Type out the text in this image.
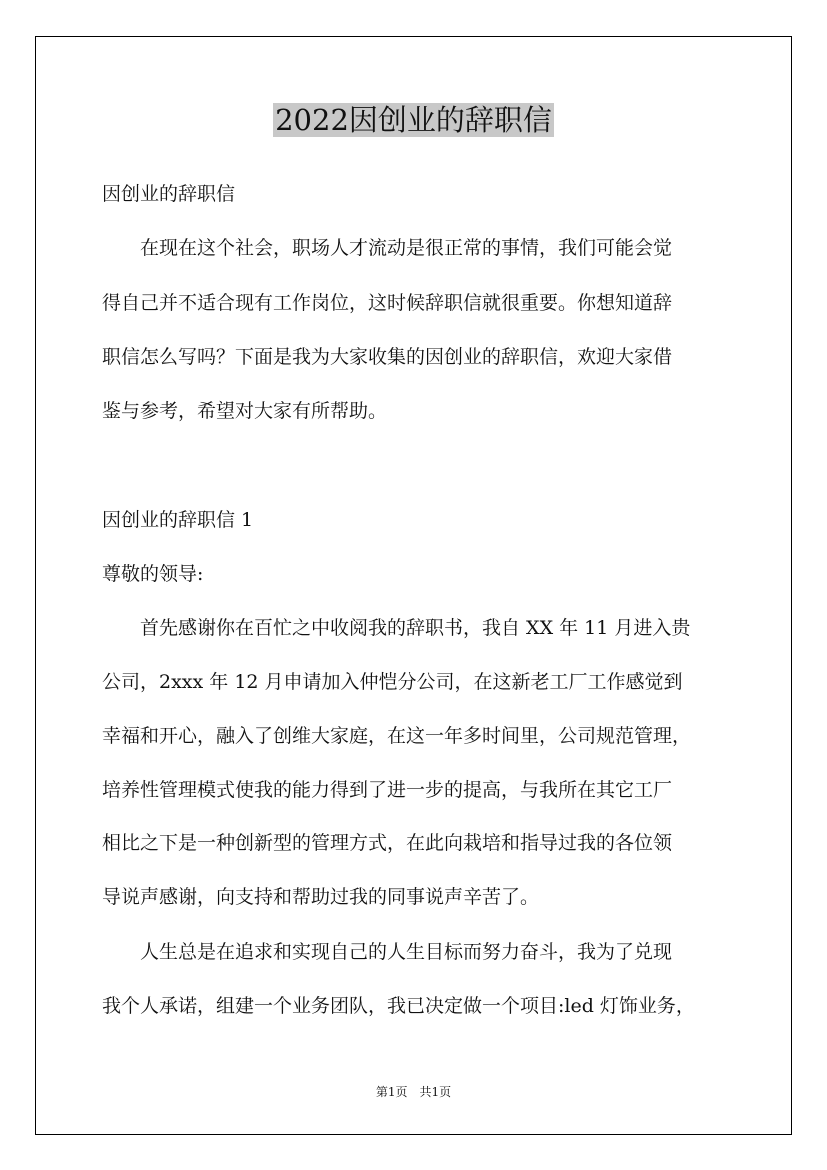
2022因创业的辞职信
因创业的辞职信
　　在现在这个社会，职场人才流动是很正常的事情，我们可能会觉
得自己并不适合现有工作岗位，这时候辞职信就很重要。你想知道辞
职信怎么写吗？下面是我为大家收集的因创业的辞职信，欢迎大家借
鉴与参考，希望对大家有所帮助。
因创业的辞职信 1
尊敬的领导:
　　首先感谢你在百忙之中收阅我的辞职书，我自 XX 年 11 月进入贵
公司，2xxx 年 12 月申请加入仲恺分公司，在这新老工厂工作感觉到
幸福和开心，融入了创维大家庭，在这一年多时间里，公司规范管理，
培养性管理模式使我的能力得到了进一步的提高，与我所在其它工厂
相比之下是一种创新型的管理方式，在此向栽培和指导过我的各位领
导说声感谢，向支持和帮助过我的同事说声辛苦了。
　　人生总是在追求和实现自己的人生目标而努力奋斗，我为了兑现
我个人承诺，组建一个业务团队，我已决定做一个项目:led 灯饰业务，
第1页　共1页
